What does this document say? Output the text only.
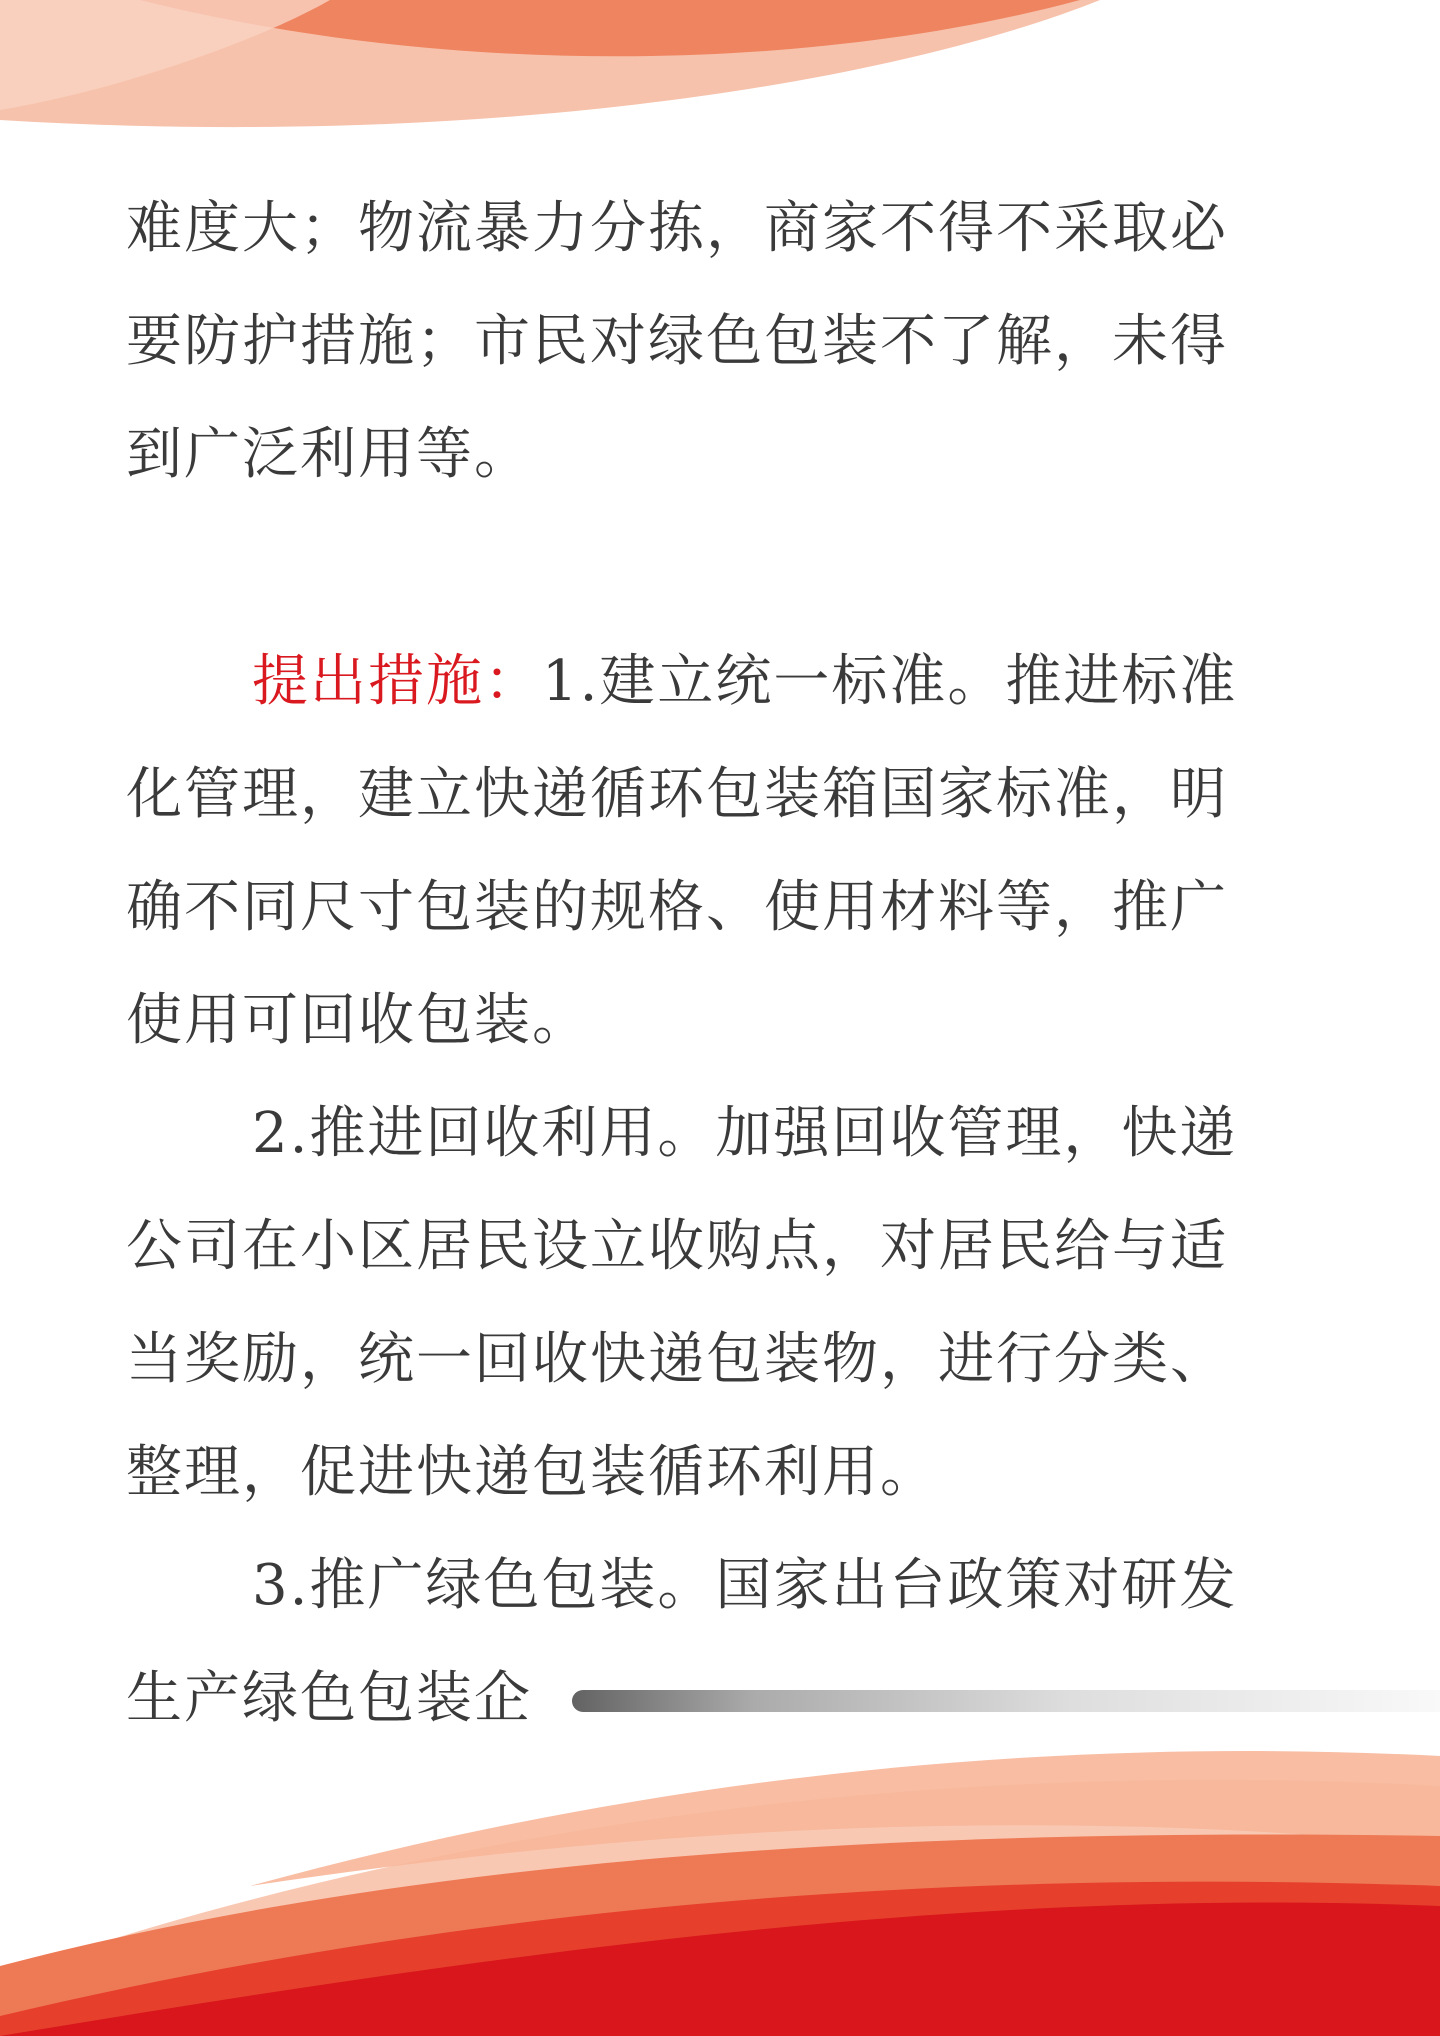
难度大；物流暴力分拣，商家不得不采取必
要防护措施；市民对绿色包装不了解，未得
到广泛利用等。
提出措施：1.建立统一标准。推进标准
化管理，建立快递循环包装箱国家标准，明
确不同尺寸包装的规格、使用材料等，推广
使用可回收包装。
2.推进回收利用。加强回收管理，快递
公司在小区居民设立收购点，对居民给与适
当奖励，统一回收快递包装物，进行分类、
整理，促进快递包装循环利用。
3.推广绿色包装。国家出台政策对研发
生产绿色包装企
